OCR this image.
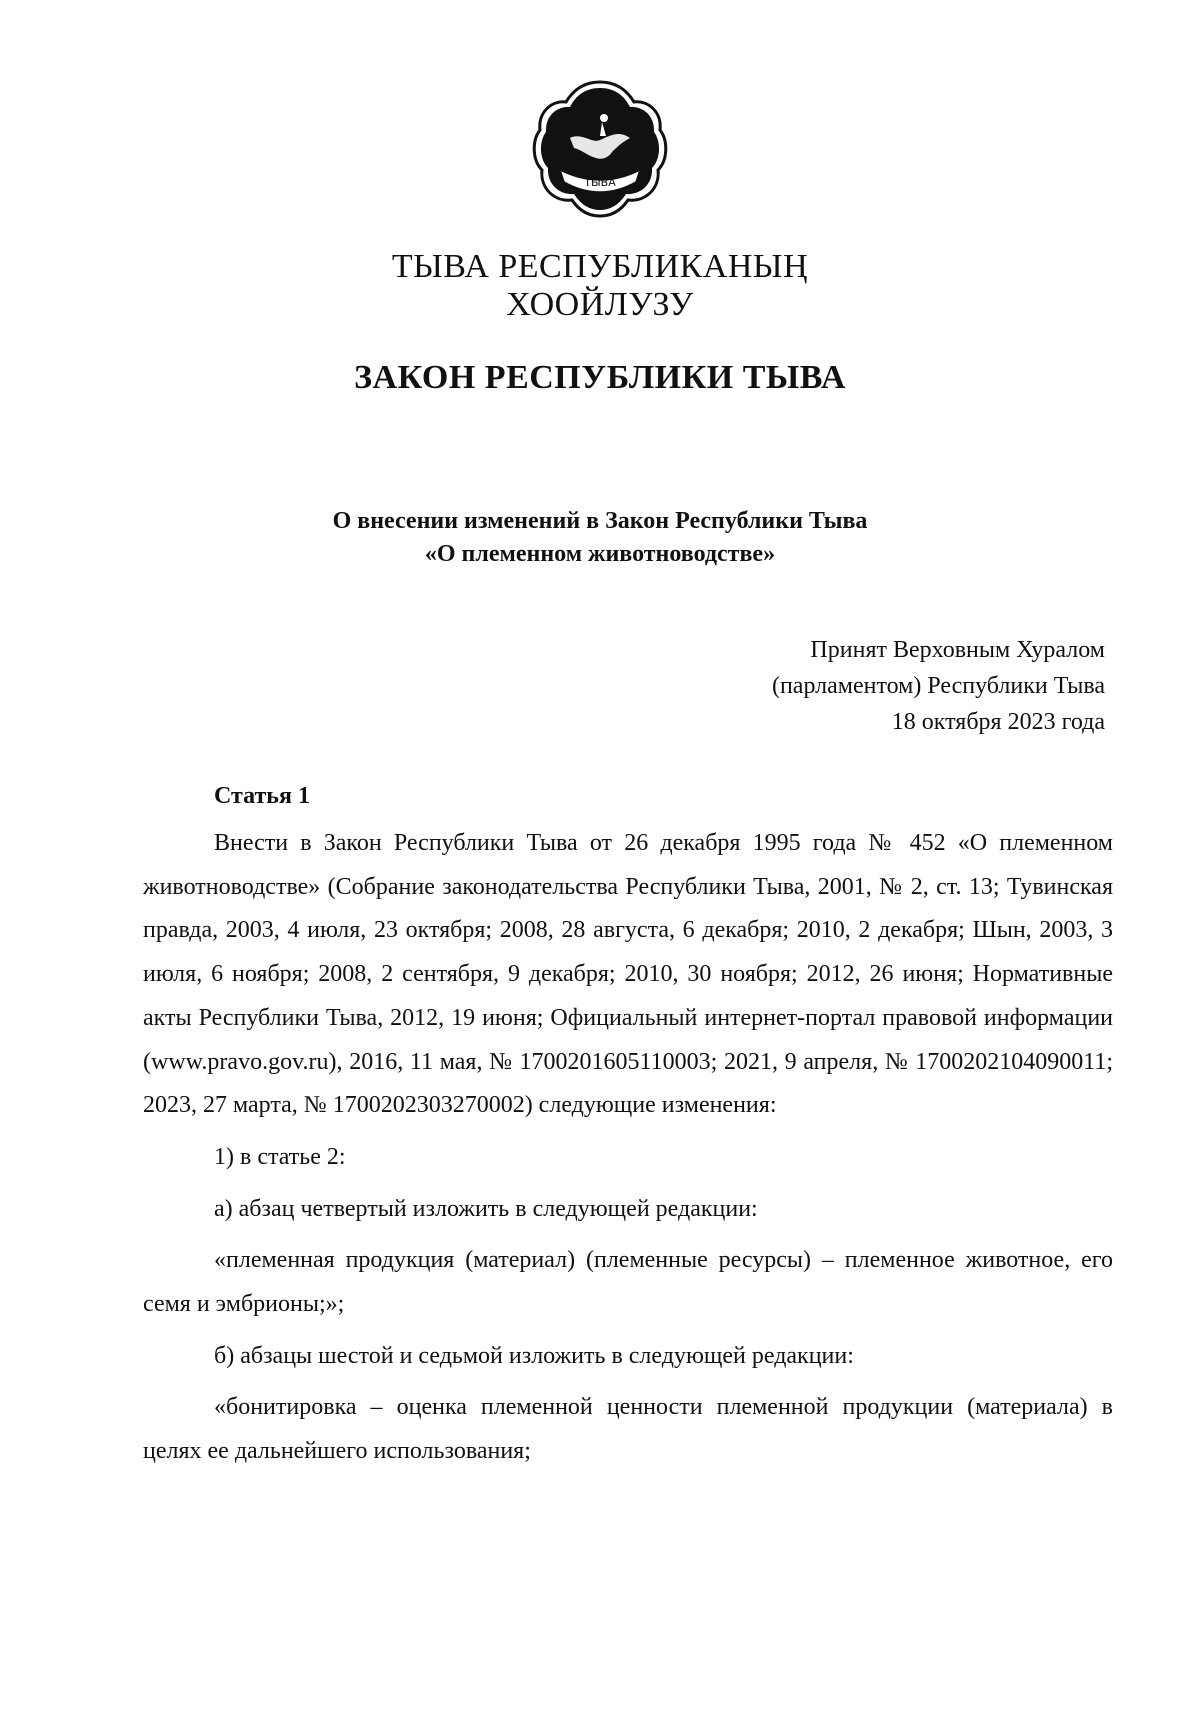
ТЫВА
ТЫВА РЕСПУБЛИКАНЫҢ
ХООЙЛУЗУ
ЗАКОН РЕСПУБЛИКИ ТЫВА
О внесении изменений в Закон Республики Тыва
«О племенном животноводстве»
Принят Верховным Хуралом
(парламентом) Республики Тыва
18 октября 2023 года
Статья 1

Внести в Закон Республики Тыва от 26 декабря 1995 года № 452 «О племенном животноводстве» (Собрание законодательства Республики Тыва, 2001, № 2, ст. 13; Тувинская правда, 2003, 4 июля, 23 октября; 2008, 28 августа, 6 декабря; 2010, 2 декабря; Шын, 2003, 3 июля, 6 ноября; 2008, 2 сентября, 9 декабря; 2010, 30 ноября; 2012, 26 июня; Нормативные акты Республики Тыва, 2012, 19 июня; Официальный интернет-портал правовой информации (www.pravo.gov.ru), 2016, 11 мая, № 1700201605110003; 2021, 9 апреля, № 1700202104090011; 2023, 27 марта, № 1700202303270002) следующие изменения:

1) в статье 2:

а) абзац четвертый изложить в следующей редакции:

«племенная продукция (материал) (племенные ресурсы) – племенное животное, его семя и эмбрионы;»;

б) абзацы шестой и седьмой изложить в следующей редакции:

«бонитировка – оценка племенной ценности племенной продукции (материала) в целях ее дальнейшего использования;
